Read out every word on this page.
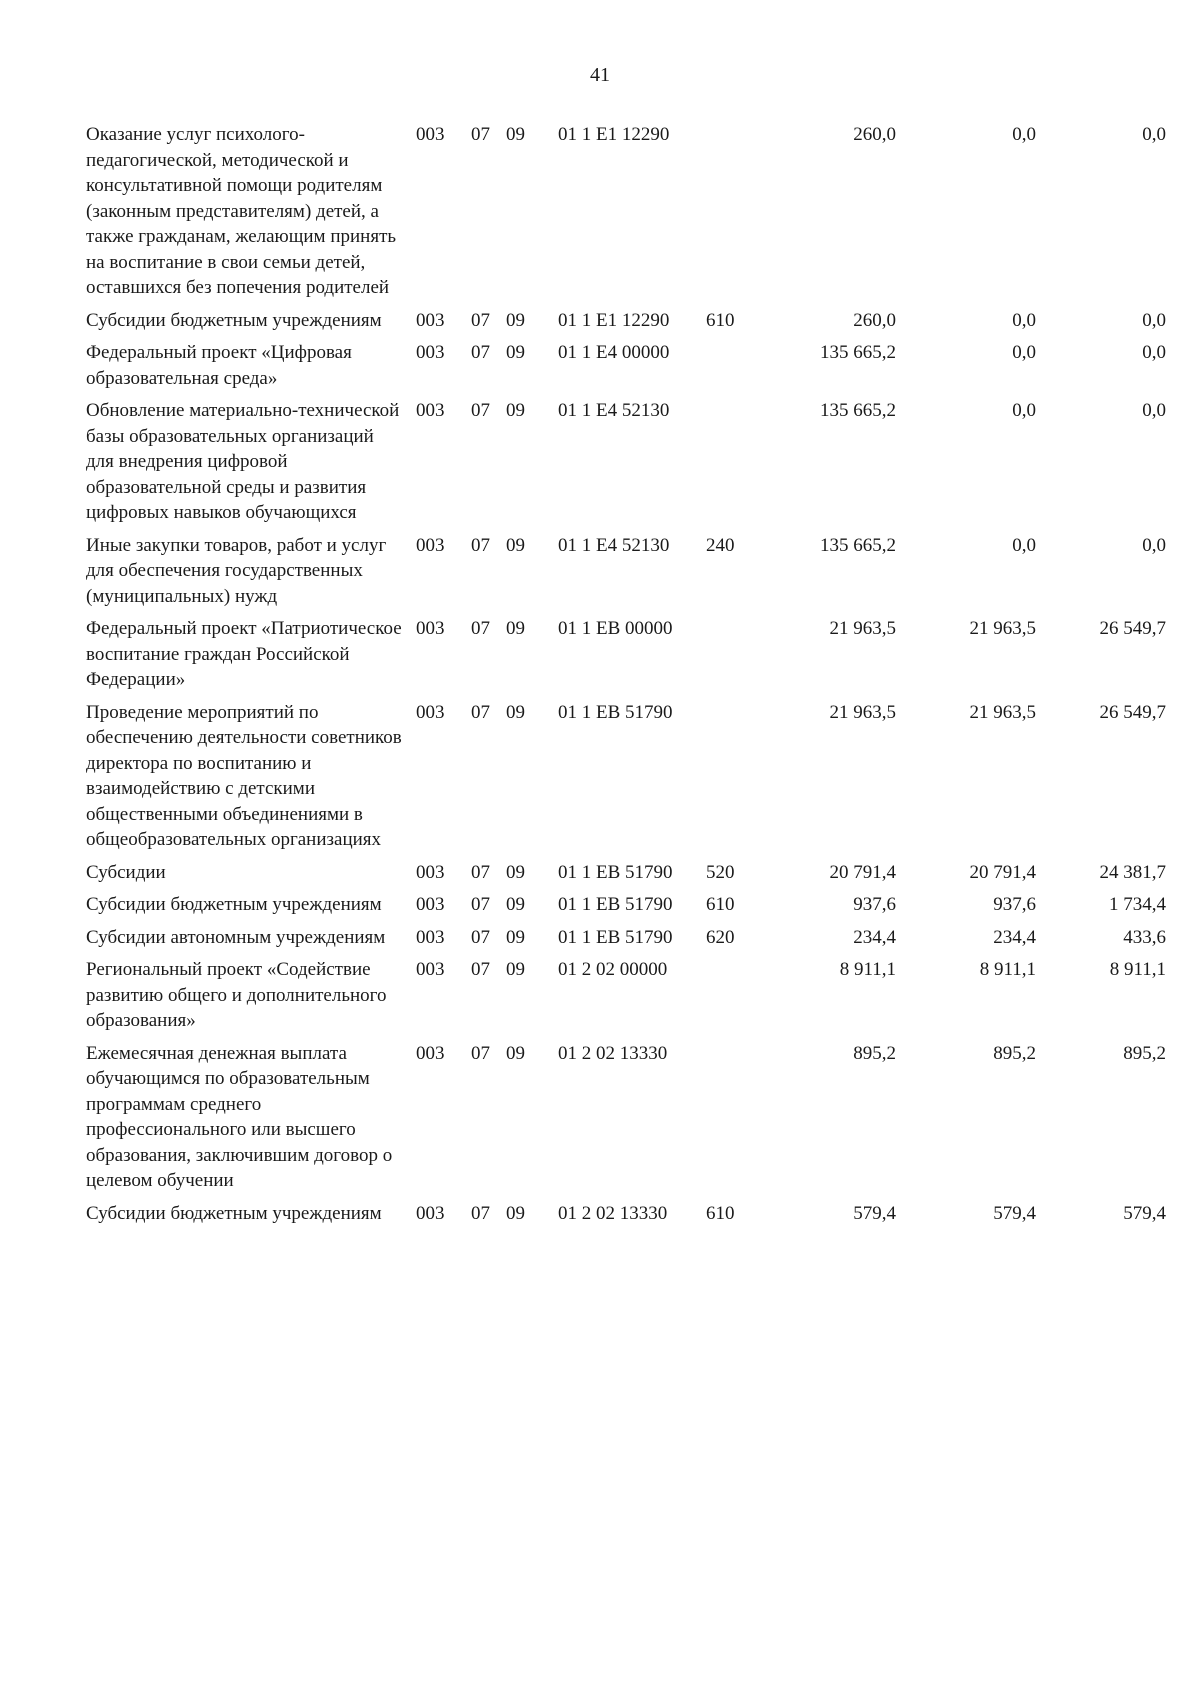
41
Оказание услуг психолого-педагогической, методической и консультативной помощи родителям (законным представителям) детей, а также гражданам, желающим принять на воспитание в свои семьи детей, оставшихся без попечения родителей	003	07	09	01 1 E1 12290		260,0	0,0	0,0
Субсидии бюджетным учреждениям	003	07	09	01 1 E1 12290	610	260,0	0,0	0,0
Федеральный проект «Цифровая образовательная среда»	003	07	09	01 1 E4 00000		135 665,2	0,0	0,0
Обновление материально-технической базы образовательных организаций для внедрения цифровой образовательной среды и развития цифровых навыков обучающихся	003	07	09	01 1 E4 52130		135 665,2	0,0	0,0
Иные закупки товаров, работ и услуг для обеспечения государственных (муниципальных) нужд	003	07	09	01 1 E4 52130	240	135 665,2	0,0	0,0
Федеральный проект «Патриотическое воспитание граждан Российской Федерации»	003	07	09	01 1 EB 00000		21 963,5	21 963,5	26 549,7
Проведение мероприятий по обеспечению деятельности советников директора по воспитанию и взаимодействию с детскими общественными объединениями в общеобразовательных организациях	003	07	09	01 1 EB 51790		21 963,5	21 963,5	26 549,7
Субсидии	003	07	09	01 1 EB 51790	520	20 791,4	20 791,4	24 381,7
Субсидии бюджетным учреждениям	003	07	09	01 1 EB 51790	610	937,6	937,6	1 734,4
Субсидии автономным учреждениям	003	07	09	01 1 EB 51790	620	234,4	234,4	433,6
Региональный проект «Содействие развитию общего и дополнительного образования»	003	07	09	01 2 02 00000		8 911,1	8 911,1	8 911,1
Ежемесячная денежная выплата обучающимся по образовательным программам среднего профессионального или высшего образования, заключившим договор о целевом обучении	003	07	09	01 2 02 13330		895,2	895,2	895,2
Субсидии бюджетным учреждениям	003	07	09	01 2 02 13330	610	579,4	579,4	579,4
